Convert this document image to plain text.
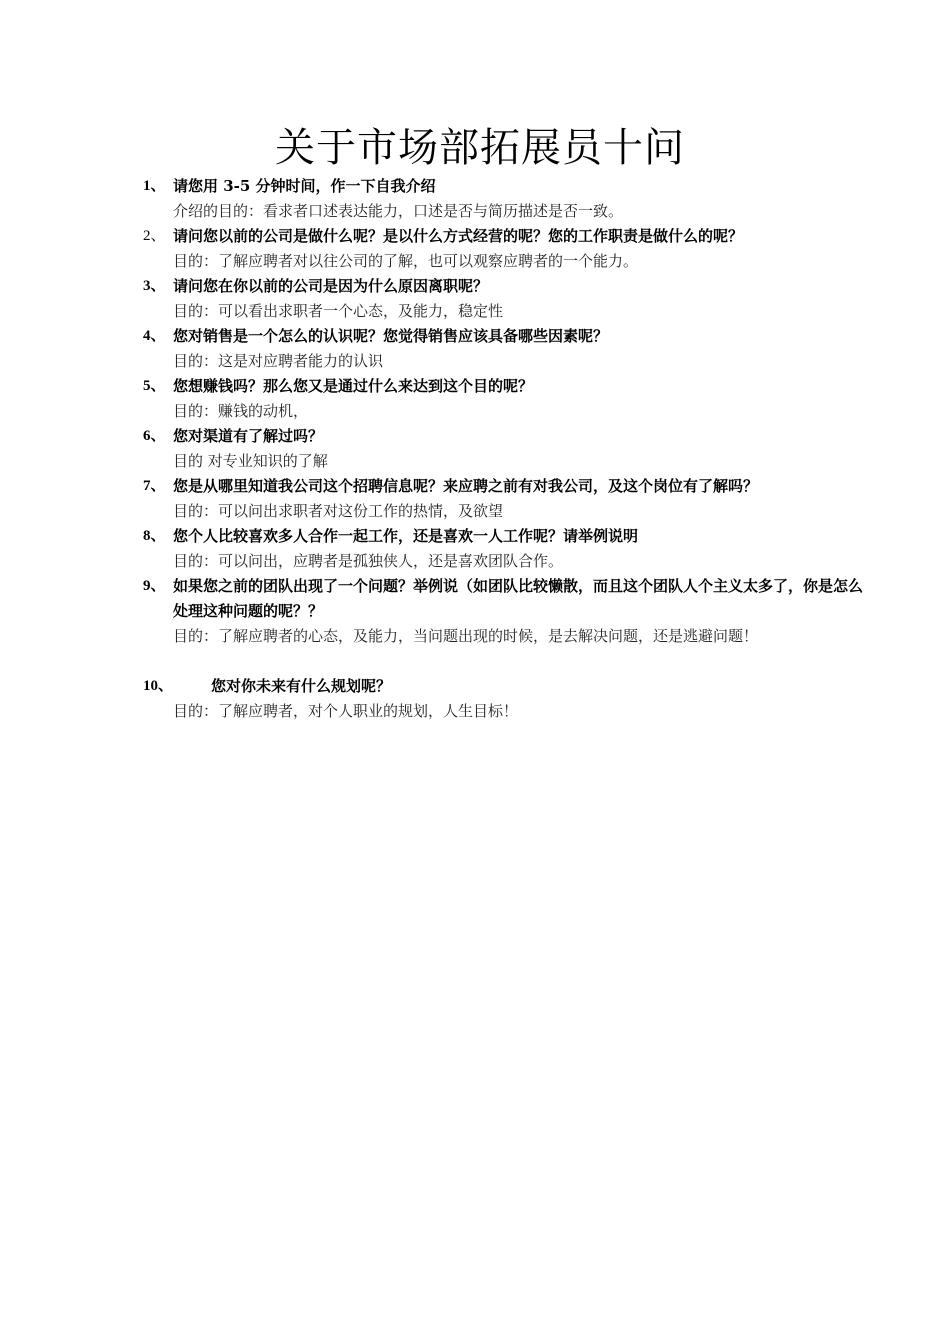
关于市场部拓展员十问
1、 请您用 3-5 分钟时间，作一下自我介绍
介绍的目的：看求者口述表达能力，口述是否与简历描述是否一致。
2、 请问您以前的公司是做什么呢？是以什么方式经营的呢？您的工作职责是做什么的呢？
目的：了解应聘者对以往公司的了解，也可以观察应聘者的一个能力。
3、 请问您在你以前的公司是因为什么原因离职呢？
目的：可以看出求职者一个心态，及能力，稳定性
4、 您对销售是一个怎么的认识呢？您觉得销售应该具备哪些因素呢？
目的：这是对应聘者能力的认识
5、 您想赚钱吗？那么您又是通过什么来达到这个目的呢？
目的：赚钱的动机，
6、 您对渠道有了解过吗？
目的 对专业知识的了解
7、 您是从哪里知道我公司这个招聘信息呢？来应聘之前有对我公司，及这个岗位有了解吗？
目的：可以问出求职者对这份工作的热情，及欲望
8、 您个人比较喜欢多人合作一起工作，还是喜欢一人工作呢？请举例说明
目的：可以问出，应聘者是孤独侠人，还是喜欢团队合作。
9、 如果您之前的团队出现了一个问题？举例说（如团队比较懒散，而且这个团队人个主义太多了，你是怎么处理这种问题的呢？？
目的：了解应聘者的心态，及能力，当问题出现的时候，是去解决问题，还是逃避问题！
10、	您对你未来有什么规划呢？
目的：了解应聘者，对个人职业的规划，人生目标！
